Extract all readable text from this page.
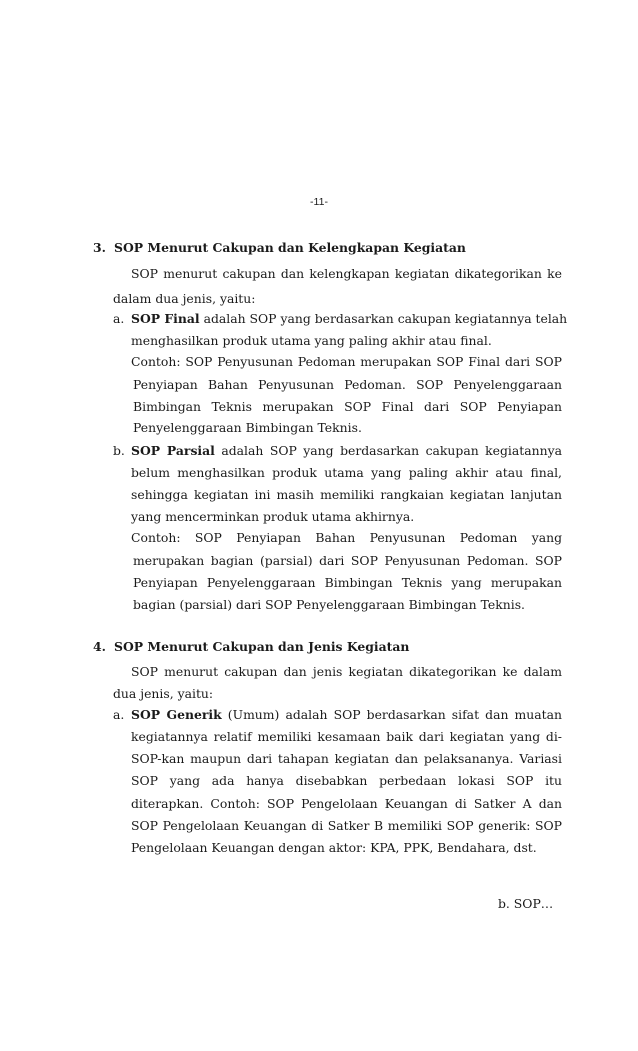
-11-
3. SOP Menurut Cakupan dan Kelengkapan Kegiatan
SOP menurut cakupan dan kelengkapan kegiatan dikategorikan ke
dalam dua jenis, yaitu:
a. SOP Final adalah SOP yang berdasarkan cakupan kegiatannya telah
menghasilkan produk utama yang paling akhir atau final.
Contoh: SOP Penyusunan Pedoman merupakan SOP Final dari SOP
Penyiapan Bahan Penyusunan Pedoman. SOP Penyelenggaraan
Bimbingan Teknis merupakan SOP Final dari SOP Penyiapan
Penyelenggaraan Bimbingan Teknis.
b. SOP Parsial adalah SOP yang berdasarkan cakupan kegiatannya
belum menghasilkan produk utama yang paling akhir atau final,
sehingga kegiatan ini masih memiliki rangkaian kegiatan lanjutan
yang mencerminkan produk utama akhirnya.
Contoh: SOP Penyiapan Bahan Penyusunan Pedoman yang
merupakan bagian (parsial) dari SOP Penyusunan Pedoman. SOP
Penyiapan Penyelenggaraan Bimbingan Teknis yang merupakan
bagian (parsial) dari SOP Penyelenggaraan Bimbingan Teknis.
4. SOP Menurut Cakupan dan Jenis Kegiatan
SOP menurut cakupan dan jenis kegiatan dikategorikan ke dalam
dua jenis, yaitu:
a. SOP Generik (Umum) adalah SOP berdasarkan sifat dan muatan
kegiatannya relatif memiliki kesamaan baik dari kegiatan yang di-
SOP-kan maupun dari tahapan kegiatan dan pelaksananya. Variasi
SOP yang ada hanya disebabkan perbedaan lokasi SOP itu
diterapkan. Contoh: SOP Pengelolaan Keuangan di Satker A dan
SOP Pengelolaan Keuangan di Satker B memiliki SOP generik: SOP
Pengelolaan Keuangan dengan aktor: KPA, PPK, Bendahara, dst.
b. SOP…
